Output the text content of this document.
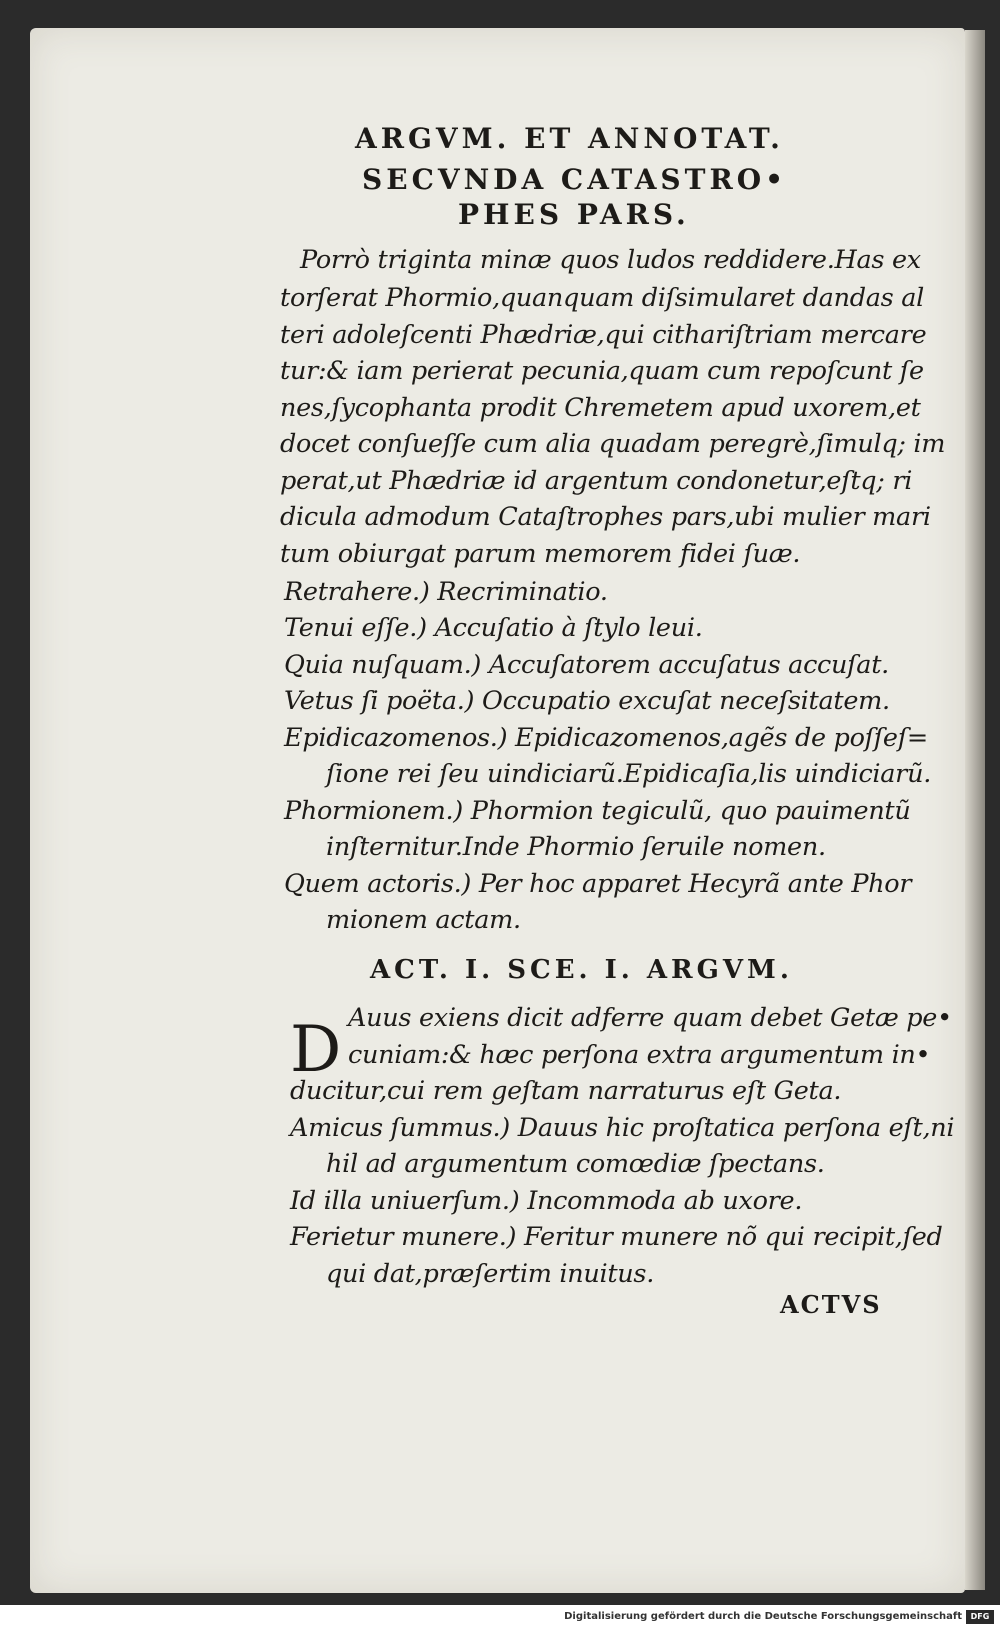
ARGVM. ET ANNOTAT.
SECVNDA CATASTRO•
PHES PARS.
Porrò triginta minæ quos ludos reddidere.Has ex
torſerat Phormio,quanquam diſsimularet dandas al
teri adoleſcenti Phædriæ,qui cithariſtriam mercare
tur:& iam perierat pecunia,quam cum repoſcunt ſe
nes,ſycophanta prodit Chremetem apud uxorem,et
docet conſueſſe cum alia quadam peregrè,ſimulq; im
perat,ut Phædriæ id argentum condonetur,eſtq; ri
dicula admodum Cataſtrophes pars,ubi mulier mari
tum obiurgat parum memorem fidei ſuæ.
Retrahere.) Recriminatio.
Tenui eſſe.) Accuſatio à ſtylo leui.
Quia nuſquam.) Accuſatorem accuſatus accuſat.
Vetus ſi poëta.) Occupatio excuſat neceſsitatem.
Epidicazomenos.) Epidicazomenos,agẽs de poſſeſ=
ſione rei ſeu uindiciarũ.Epidicaſia,lis uindiciarũ.
Phormionem.) Phormion tegiculũ, quo pauimentũ
inſternitur.Inde Phormio ſeruile nomen.
Quem actoris.) Per hoc apparet Hecyrã ante Phor
mionem actam.
ACT. I. SCE. I. ARGVM.
D Auus exiens dicit adferre quam debet Getæ pe•
cuniam:& hæc perſona extra argumentum in•
ducitur,cui rem geſtam narraturus eſt Geta.
Amicus ſummus.) Dauus hic proſtatica perſona eſt,ni
hil ad argumentum comœdiæ ſpectans.
Id illa uniuerſum.) Incommoda ab uxore.
Ferietur munere.) Feritur munere nõ qui recipit,ſed
qui dat,præſertim inuitus.
ACTVS
Digitalisierung gefördert durch die Deutsche Forschungsgemeinschaft	DFG
